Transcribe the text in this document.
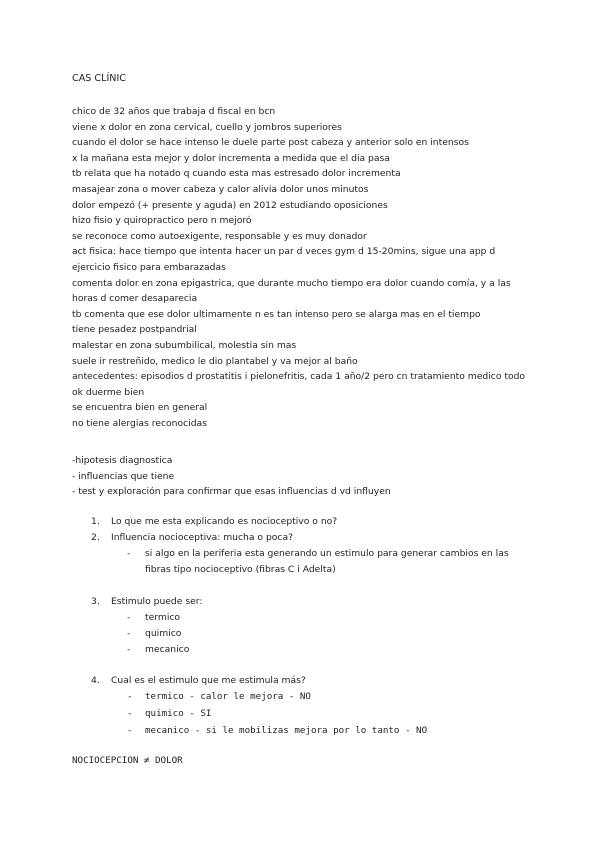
CAS CLÍNIC
chico de 32 años que trabaja d fiscal en bcn
viene x dolor en zona cervical, cuello y jombros superiores
cuando el dolor se hace intenso le duele parte post cabeza y anterior solo en intensos
x la mañana esta mejor y dolor incrementa a medida que el dia pasa
tb relata que ha notado q cuando esta mas estresado dolor incrementa
masajear zona o mover cabeza y calor alivia dolor unos minutos
dolor empezó (+ presente y aguda) en 2012 estudiando oposiciones
hizo fisio y quiropractico pero n mejoró
se reconoce como autoexigente, responsable y es muy donador
act fisica: hace tiempo que intenta hacer un par d veces gym d 15-20mins, sigue una app d ejercicio fisico para embarazadas
comenta dolor en zona epigastrica, que durante mucho tiempo era dolor cuando comía, y a las horas d comer desaparecia
tb comenta que ese dolor ultimamente n es tan intenso pero se alarga mas en el tiempo
tiene pesadez postpandrial
malestar en zona subumbilical, molestia sin mas
suele ir restreñido, medico le dio plantabel y va mejor al baño
antecedentes: episodios d prostatitis i pielonefritis, cada 1 año/2 pero cn tratamiento medico todo ok duerme bien
se encuentra bien en general
no tiene alergias reconocidas
-hipotesis diagnostica
- influencias que tiene
- test y exploración para confirmar que esas influencias d vd influyen
1.	Lo que me esta explicando es nocioceptivo o no?
2.	Influencia nocioceptiva: mucha o poca?
- si algo en la periferia esta generando un estimulo para generar cambios en las fibras tipo nocioceptivo (fibras C i Adelta)
3.	Estimulo puede ser:
- termico
- quimico
- mecanico
4.	Cual es el estimulo que me estimula más?
- termico - calor le mejora - NO
- quimico - SI
- mecanico - si le mobilizas mejora por lo tanto - NO
NOCIOCEPCION ≠ DOLOR
